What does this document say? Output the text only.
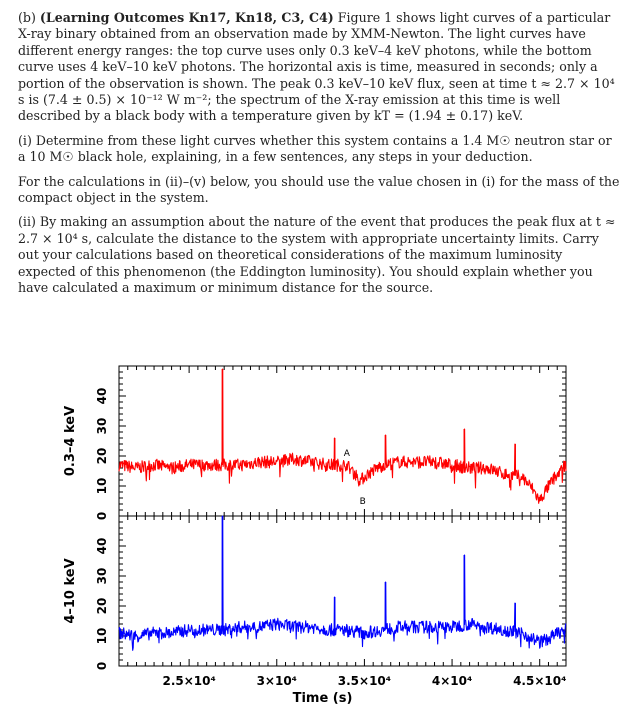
(b) (Learning Outcomes Kn17, Kn18, C3, C4) Figure 1 shows light curves of a particular X-ray binary obtained from an observation made by XMM-Newton. The light curves have different energy ranges: the top curve uses only 0.3 keV–4 keV photons, while the bottom curve uses 4 keV–10 keV photons. The horizontal axis is time, measured in seconds; only a portion of the observation is shown. The peak 0.3 keV–10 keV flux, seen at time t ≈ 2.7 × 10⁴ s is (7.4 ± 0.5) × 10⁻¹² W m⁻²; the spectrum of the X-ray emission at this time is well described by a black body with a temperature given by kT = (1.94 ± 0.17) keV.

(i) Determine from these light curves whether this system contains a 1.4 M☉ neutron star or a 10 M☉ black hole, explaining, in a few sentences, any steps in your deduction.

For the calculations in (ii)–(v) below, you should use the value chosen in (i) for the mass of the compact object in the system.

(ii) By making an assumption about the nature of the event that produces the peak flux at t ≈ 2.7 × 10⁴ s, calculate the distance to the system with appropriate uncertainty limits. Carry out your calculations based on theoretical considerations of the maximum luminosity expected of this phenomenon (the Eddington luminosity). You should explain whether you have calculated a maximum or minimum distance for the source.

0
10
20
30
40
0.3–4 keV	A
B
0
10
20
30
40
4–10 keV
2.5×10⁴	3×10⁴	3.5×10⁴	4×10⁴	4.5×10⁴
Time (s)
